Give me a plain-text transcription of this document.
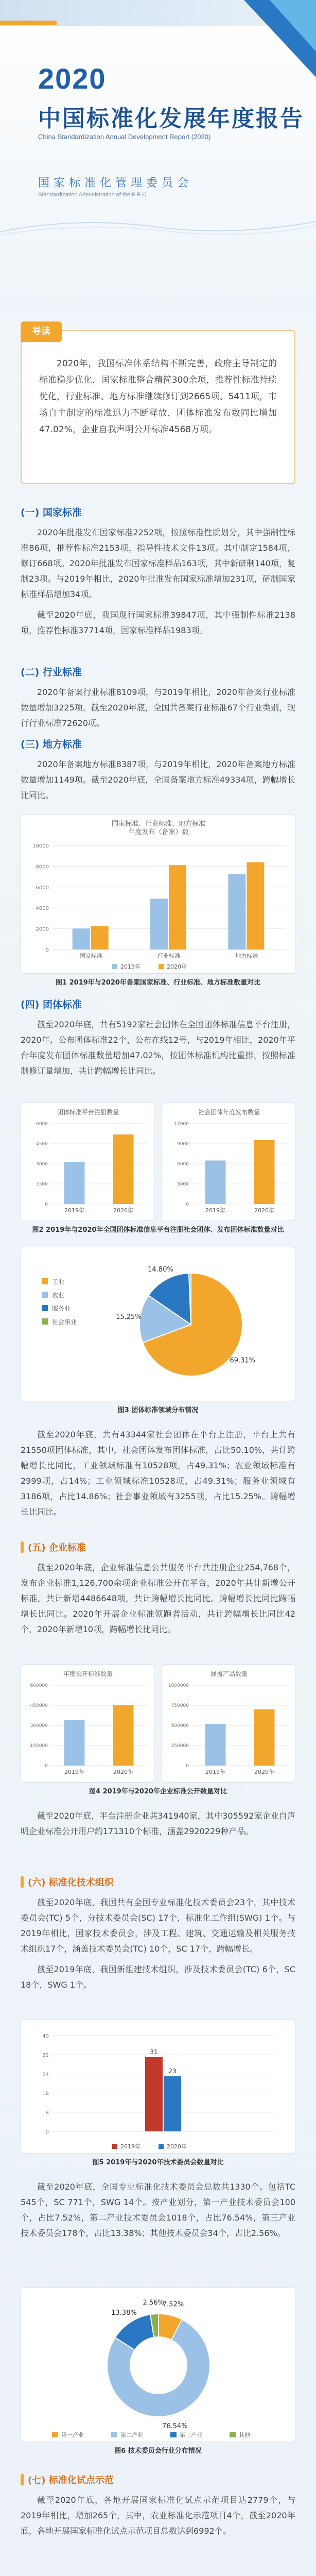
2020
中国标准化发展年度报告
China Standardization Annual Development Report (2020)
国家标准化管理委员会
Standardization Administration of the P.R.C.
导读

2020年，我国标准体系结构不断完善，政府主导制定的标准稳步优化，国家标准整合精简300余项，推荐性标准持续优化，行业标准、地方标准继续修订到2665项、5411项，市场自主制定的标准迅力不断释放，团体标准发布数同比增加47.02%，企业自我声明公开标准4568万项。

(一) 国家标准
2020年批准发布国家标准2252项，按照标准性质划分，其中强制性标准86项，推荐性标准2153项，指导性技术文件13项。其中制定1584项，修订668项。2020年批准发布国家标准样品163项，其中新研制140项，复制23项。与2019年相比，2020年批准发布国家标准增加231项，研制国家标准样品增加34项。
截至2020年底，我国现行国家标准39847项，其中强制性标准2138项，推荐性标准37714项，国家标准样品1983项。
(二) 行业标准
2020年备案行业标准8109项，与2019年相比，2020年备案行业标准数量增加3225项。截至2020年底，全国共备案行业标准67个行业类别，现行行业标准72620项。
(三) 地方标准
2020年备案地方标准8387项，与2019年相比，2020年备案地方标准数量增加1149项。截至2020年底，全国备案地方标准49334项，跨幅增长比同比。
国家标准、行业标准、地方标准
年度发布（备案）数
0
2000
4000
6000
8000
10000
国家标准	行业标准	地方标准
2019年	2020年
图1 2019年与2020年备案国家标准、行业标准、地方标准数量对比
(四) 团体标准
截至2020年底，共有5192家社会团体在全国团体标准信息平台注册，2020年，公布团体标准22个，公布在线12号，与2019年相比，2020年平台年度发布团体标准数量增加47.02%，按团体标准机构比重排，按照标准制修订量增加，共计跨幅增长比同比。
团体标准平台注册数量
0
1500
3000
4500
6000
2019年	2020年
社会团体年度发布数量
0
3000
6000
9000
12000
2019年	2020年
图2 2019年与2020年全国团体标准信息平台注册社会团体、发布团体标准数量对比
69.31%
15.25%
14.80%
工业
农业
服务业
社会事业
图3 团体标准领域分布情况
截至2020年底，共有43344家社会团体在平台上注册，平台上共有21550项团体标准，其中，社会团体发布团体标准，占比50.10%，共计跨幅增长比同比，工业领域标准有10528项，占49.31%；农业领域标准有2999项，占14%；工业领域标准10528项，占49.31%；服务业领域有3186项，占比14.86%；社会事业领域有3255项，占比15.25%。跨幅增长比同比。
(五) 企业标准
截至2020年底，企业标准信息公共服务平台共注册企业254,768个，发布企业标准1,126,700余项企业标准公开在平台，2020年共计新增公开标准，共计新增4486648项，共计跨幅增长比同比。跨幅增长比同比跨幅增长比同比。2020年开展企业标准领跑者活动，共计跨幅增长比同比42个，2020年新增10项，跨幅增长比同比。
年度公开标准数量
0
150000
300000
450000
600000
2019年	2020年
涵盖产品数量
0
250000
500000
750000
1000000
2019年	2020年
图4 2019年与2020年企业标准公开数量对比
截至2020年底，平台注册企业共341940家，其中305592家企业自声明企业标准公开用户约171310个标准，涵盖2920229种产品。
(六) 标准化技术组织
截至2020年底，我国共有全国专业标准化技术委员会23个，其中技术委员会(TC) 5个，分技术委员会(SC) 17个，标准化工作组(SWG) 1个。与2019年相比，国家技术委员会，涉及工程、建筑、交通运输及相关服务技术组织17个，涵盖技术委员会(TC) 10个，SC 17个，跨幅增长。
截至2019年底，我国新组建技术组织，涉及技术委员会(TC) 6个，SC 18个，SWG 1个。
0
8
16
24
32
40
31
23
2019年	2020年
图5 2019年与2020年技术委员会数量对比
截至2020年底，全国专业标准化技术委员会总数共1330个。包括TC 545个，SC 771个，SWG 14个。按产业划分，第一产业技术委员会100个，占比7.52%，第二产业技术委员会1018个，占比76.54%，第三产业技术委员会178个，占比13.38%；其他技术委员会34个，占比2.56%。
7.52%
76.54%
13.38%
2.56%
第一产业	第二产业	第三产业	其他
图6 技术委员会行业分布情况
(七) 标准化试点示范
截至2020年底，各地开展国家标准化试点示范项目达2779个，与2019年相比，增加265个，其中，农业标准化示范项目4个，截至2020年底，各地开展国家标准化试点示范项目总数达到6992个。
